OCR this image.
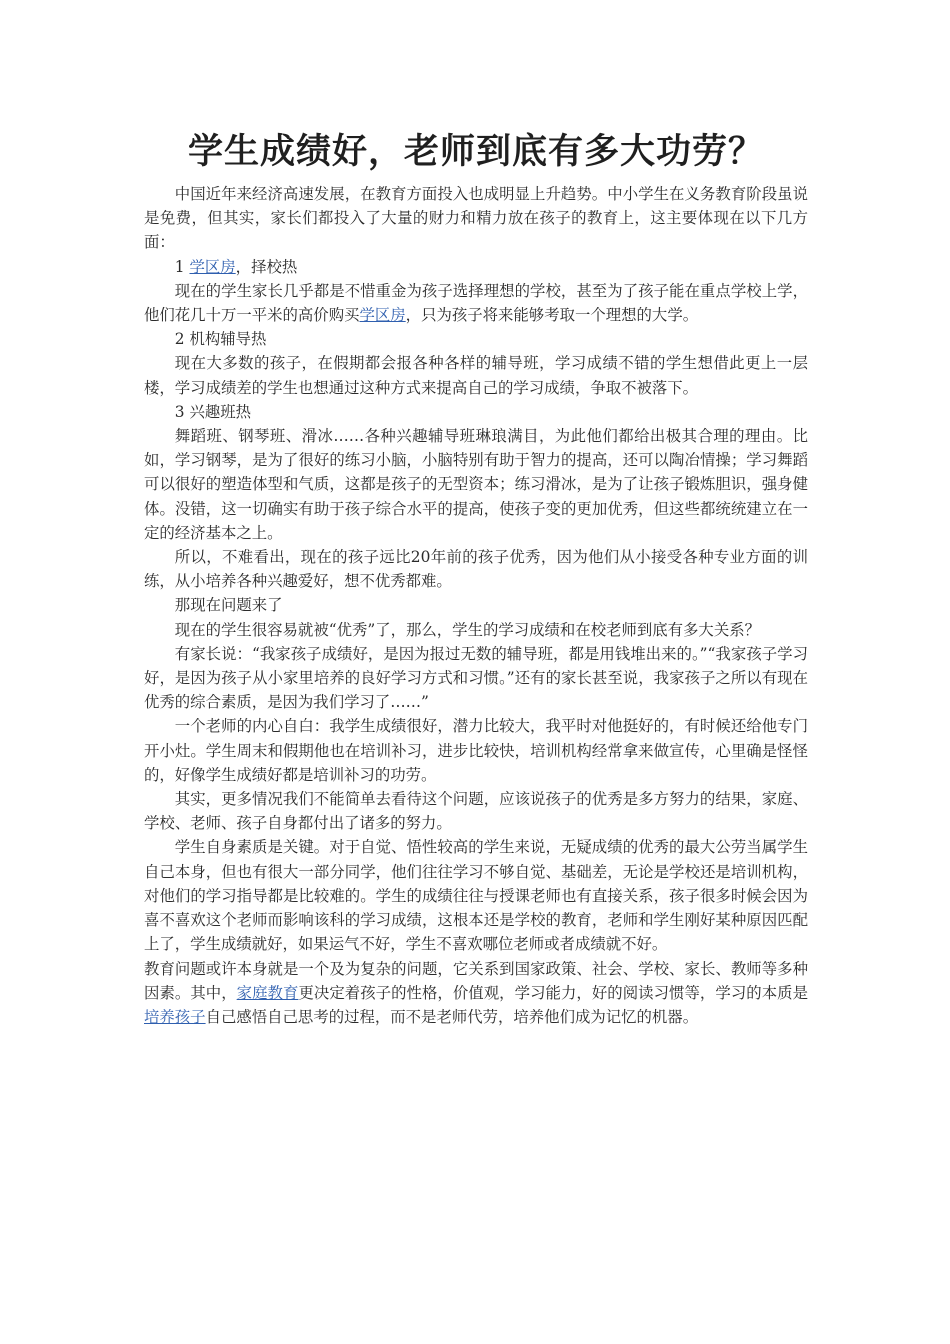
学生成绩好，老师到底有多大功劳？

中国近年来经济高速发展，在教育方面投入也成明显上升趋势。中小学生在义务教育阶段虽说是免费，但其实，家长们都投入了大量的财力和精力放在孩子的教育上，这主要体现在以下几方面：

1 学区房，择校热

现在的学生家长几乎都是不惜重金为孩子选择理想的学校，甚至为了孩子能在重点学校上学，他们花几十万一平米的高价购买学区房，只为孩子将来能够考取一个理想的大学。

2 机构辅导热

现在大多数的孩子，在假期都会报各种各样的辅导班，学习成绩不错的学生想借此更上一层楼，学习成绩差的学生也想通过这种方式来提高自己的学习成绩，争取不被落下。

3 兴趣班热

舞蹈班、钢琴班、滑冰……各种兴趣辅导班琳琅满目，为此他们都给出极其合理的理由。比如，学习钢琴，是为了很好的练习小脑，小脑特别有助于智力的提高，还可以陶冶情操；学习舞蹈可以很好的塑造体型和气质，这都是孩子的无型资本；练习滑冰，是为了让孩子锻炼胆识，强身健体。没错，这一切确实有助于孩子综合水平的提高，使孩子变的更加优秀，但这些都统统建立在一定的经济基本之上。

所以，不难看出，现在的孩子远比20年前的孩子优秀，因为他们从小接受各种专业方面的训练，从小培养各种兴趣爱好，想不优秀都难。

那现在问题来了

现在的学生很容易就被“优秀”了，那么，学生的学习成绩和在校老师到底有多大关系？

有家长说：“我家孩子成绩好，是因为报过无数的辅导班，都是用钱堆出来的。”“我家孩子学习好，是因为孩子从小家里培养的良好学习方式和习惯。”还有的家长甚至说，我家孩子之所以有现在优秀的综合素质，是因为我们学习了……”

一个老师的内心自白：我学生成绩很好，潜力比较大，我平时对他挺好的，有时候还给他专门开小灶。学生周末和假期他也在培训补习，进步比较快，培训机构经常拿来做宣传，心里确是怪怪的，好像学生成绩好都是培训补习的功劳。

其实，更多情况我们不能简单去看待这个问题，应该说孩子的优秀是多方努力的结果，家庭、学校、老师、孩子自身都付出了诸多的努力。

学生自身素质是关键。对于自觉、悟性较高的学生来说，无疑成绩的优秀的最大公劳当属学生自己本身，但也有很大一部分同学，他们往往学习不够自觉、基础差，无论是学校还是培训机构，对他们的学习指导都是比较难的。学生的成绩往往与授课老师也有直接关系，孩子很多时候会因为喜不喜欢这个老师而影响该科的学习成绩，这根本还是学校的教育，老师和学生刚好某种原因匹配上了，学生成绩就好，如果运气不好，学生不喜欢哪位老师或者成绩就不好。

教育问题或许本身就是一个及为复杂的问题，它关系到国家政策、社会、学校、家长、教师等多种因素。其中，家庭教育更决定着孩子的性格，价值观，学习能力，好的阅读习惯等，学习的本质是培养孩子自己感悟自己思考的过程，而不是老师代劳，培养他们成为记忆的机器。
